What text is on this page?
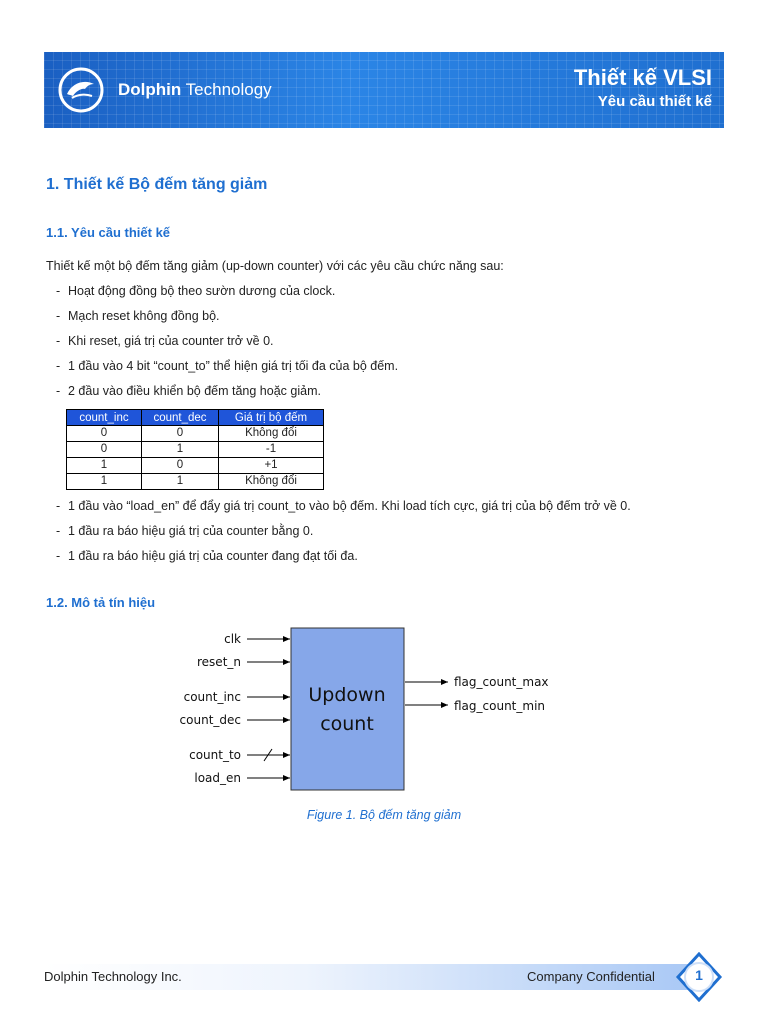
Dolphin Technology	Thiết kế VLSI
Yêu cầu thiết kế
1. Thiết kế Bộ đếm tăng giảm
1.1. Yêu cầu thiết kế
Thiết kế một bộ đếm tăng giảm (up-down counter) với các yêu cầu chức năng sau:
- Hoạt động đồng bộ theo sườn dương của clock.
- Mạch reset không đồng bộ.
- Khi reset, giá trị của counter trở về 0.
- 1 đầu vào 4 bit “count_to” thể hiện giá trị tối đa của bộ đếm.
- 2 đầu vào điều khiển bộ đếm tăng hoặc giảm.
count_inc	count_dec	Giá trị bộ đếm
0	0	Không đổi
0	1	-1
1	0	+1
1	1	Không đổi
- 1 đầu vào “load_en” để đẩy giá trị count_to vào bộ đếm. Khi load tích cực, giá trị của bộ đếm trở về 0.
- 1 đầu ra báo hiệu giá trị của counter bằng 0.
- 1 đầu ra báo hiệu giá trị của counter đang đạt tối đa.
1.2. Mô tả tín hiệu
Updown
count
clk
reset_n
count_inc
count_dec
count_to
load_en
flag_count_max
flag_count_min
Figure 1. Bộ đếm tăng giảm
Dolphin Technology Inc.	Company Confidential	1
